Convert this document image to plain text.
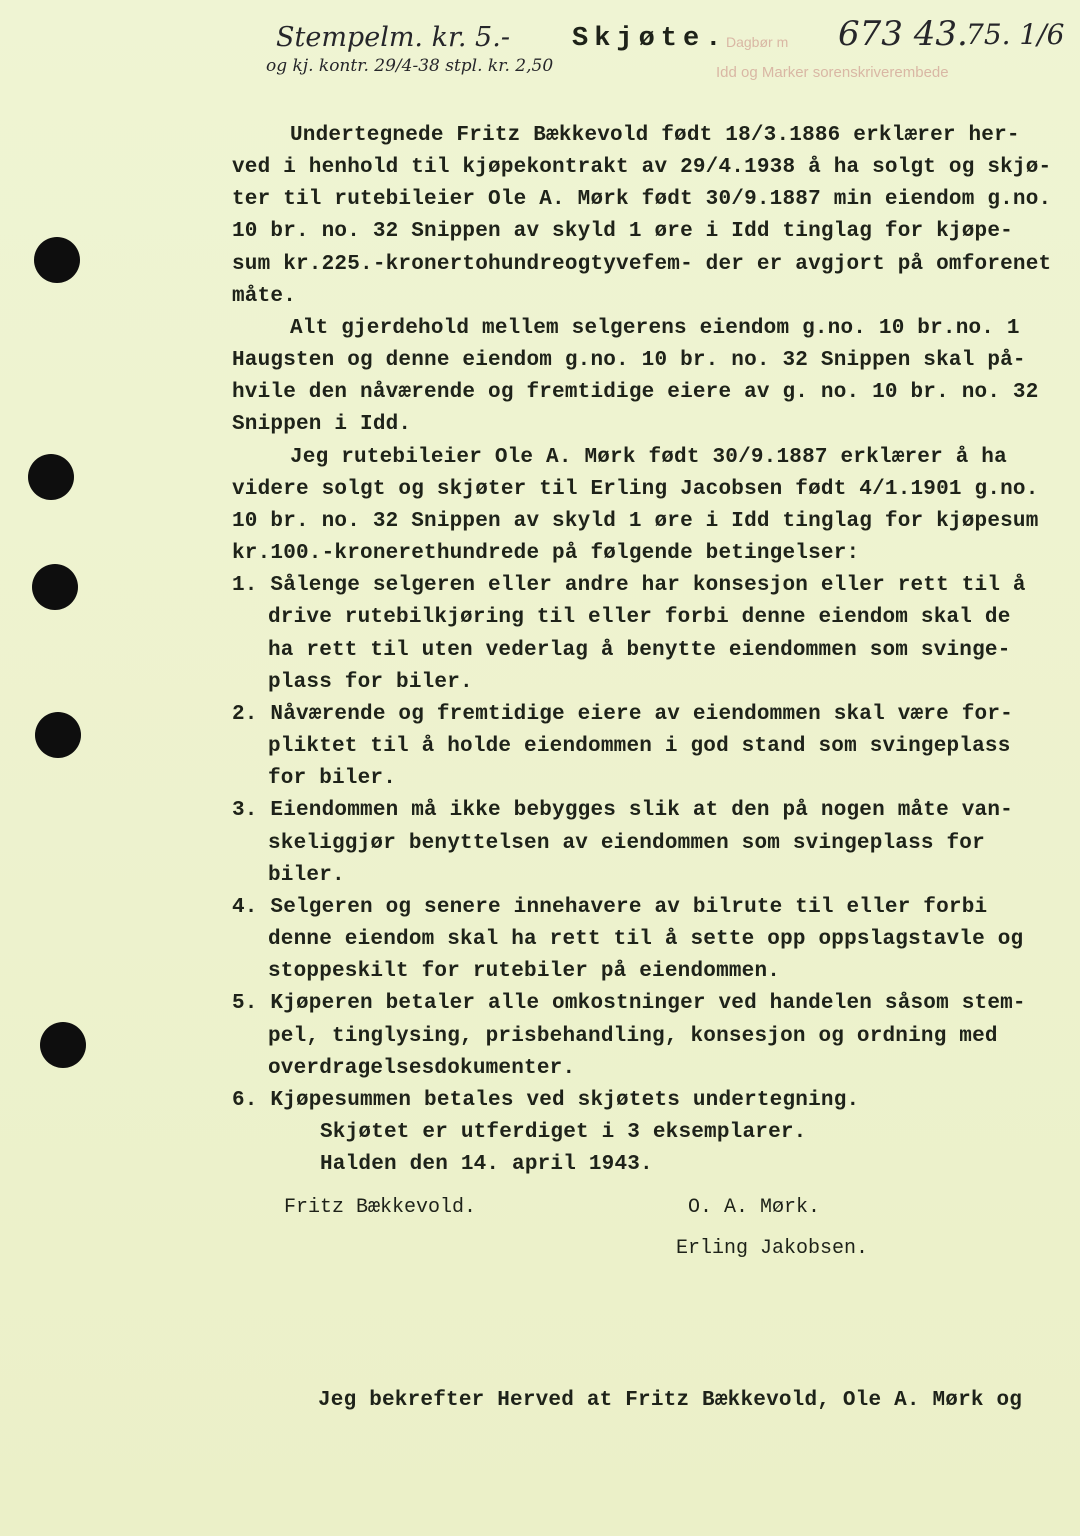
Stempelm. kr. 5.-
og kj. kontr. 29/4-38 stpl. kr. 2,50
673 43.
75. 1/6
Dagbør m
Idd og Marker sorenskriverembede
Skjøte.
Undertegnede Fritz Bækkevold født 18/3.1886 erklærer her-
ved i henhold til kjøpekontrakt av 29/4.1938 å ha solgt og skjø-
ter til rutebileier Ole A. Mørk født 30/9.1887 min eiendom g.no.
10 br. no. 32 Snippen av skyld 1 øre i Idd tinglag for kjøpe-
sum kr.225.-kronertohundreogtyvefem- der er avgjort på omforenet
måte.
Alt gjerdehold mellem selgerens eiendom g.no. 10 br.no. 1
Haugsten og denne eiendom g.no. 10 br. no. 32 Snippen skal på-
hvile den nåværende og fremtidige eiere av g. no. 10 br. no. 32
Snippen i Idd.
Jeg rutebileier Ole A. Mørk født 30/9.1887 erklærer å ha
videre solgt og skjøter til Erling Jacobsen født 4/1.1901 g.no.
10 br. no. 32 Snippen av skyld 1 øre i Idd tinglag for kjøpesum
kr.100.-kronerethundrede på følgende betingelser:
1. Sålenge selgeren eller andre har konsesjon eller rett til å
drive rutebilkjøring til eller forbi denne eiendom skal de
ha rett til uten vederlag å benytte eiendommen som svinge-
plass for biler.
2. Nåværende og fremtidige eiere av eiendommen skal være for-
pliktet til å holde eiendommen i god stand som svingeplass
for biler.
3. Eiendommen må ikke bebygges slik at den på nogen måte van-
skeliggjør benyttelsen av eiendommen som svingeplass for
biler.
4. Selgeren og senere innehavere av bilrute til eller forbi
denne eiendom skal ha rett til å sette opp oppslagstavle og
stoppeskilt for rutebiler på eiendommen.
5. Kjøperen betaler alle omkostninger ved handelen såsom stem-
pel, tinglysing, prisbehandling, konsesjon og ordning med
overdragelsesdokumenter.
6. Kjøpesummen betales ved skjøtets undertegning.
Skjøtet er utferdiget i 3 eksemplarer.
Halden den 14. april 1943.
Fritz Bækkevold.	O. A. Mørk.
Erling Jakobsen.
Jeg bekrefter Herved at Fritz Bækkevold, Ole A. Mørk og
